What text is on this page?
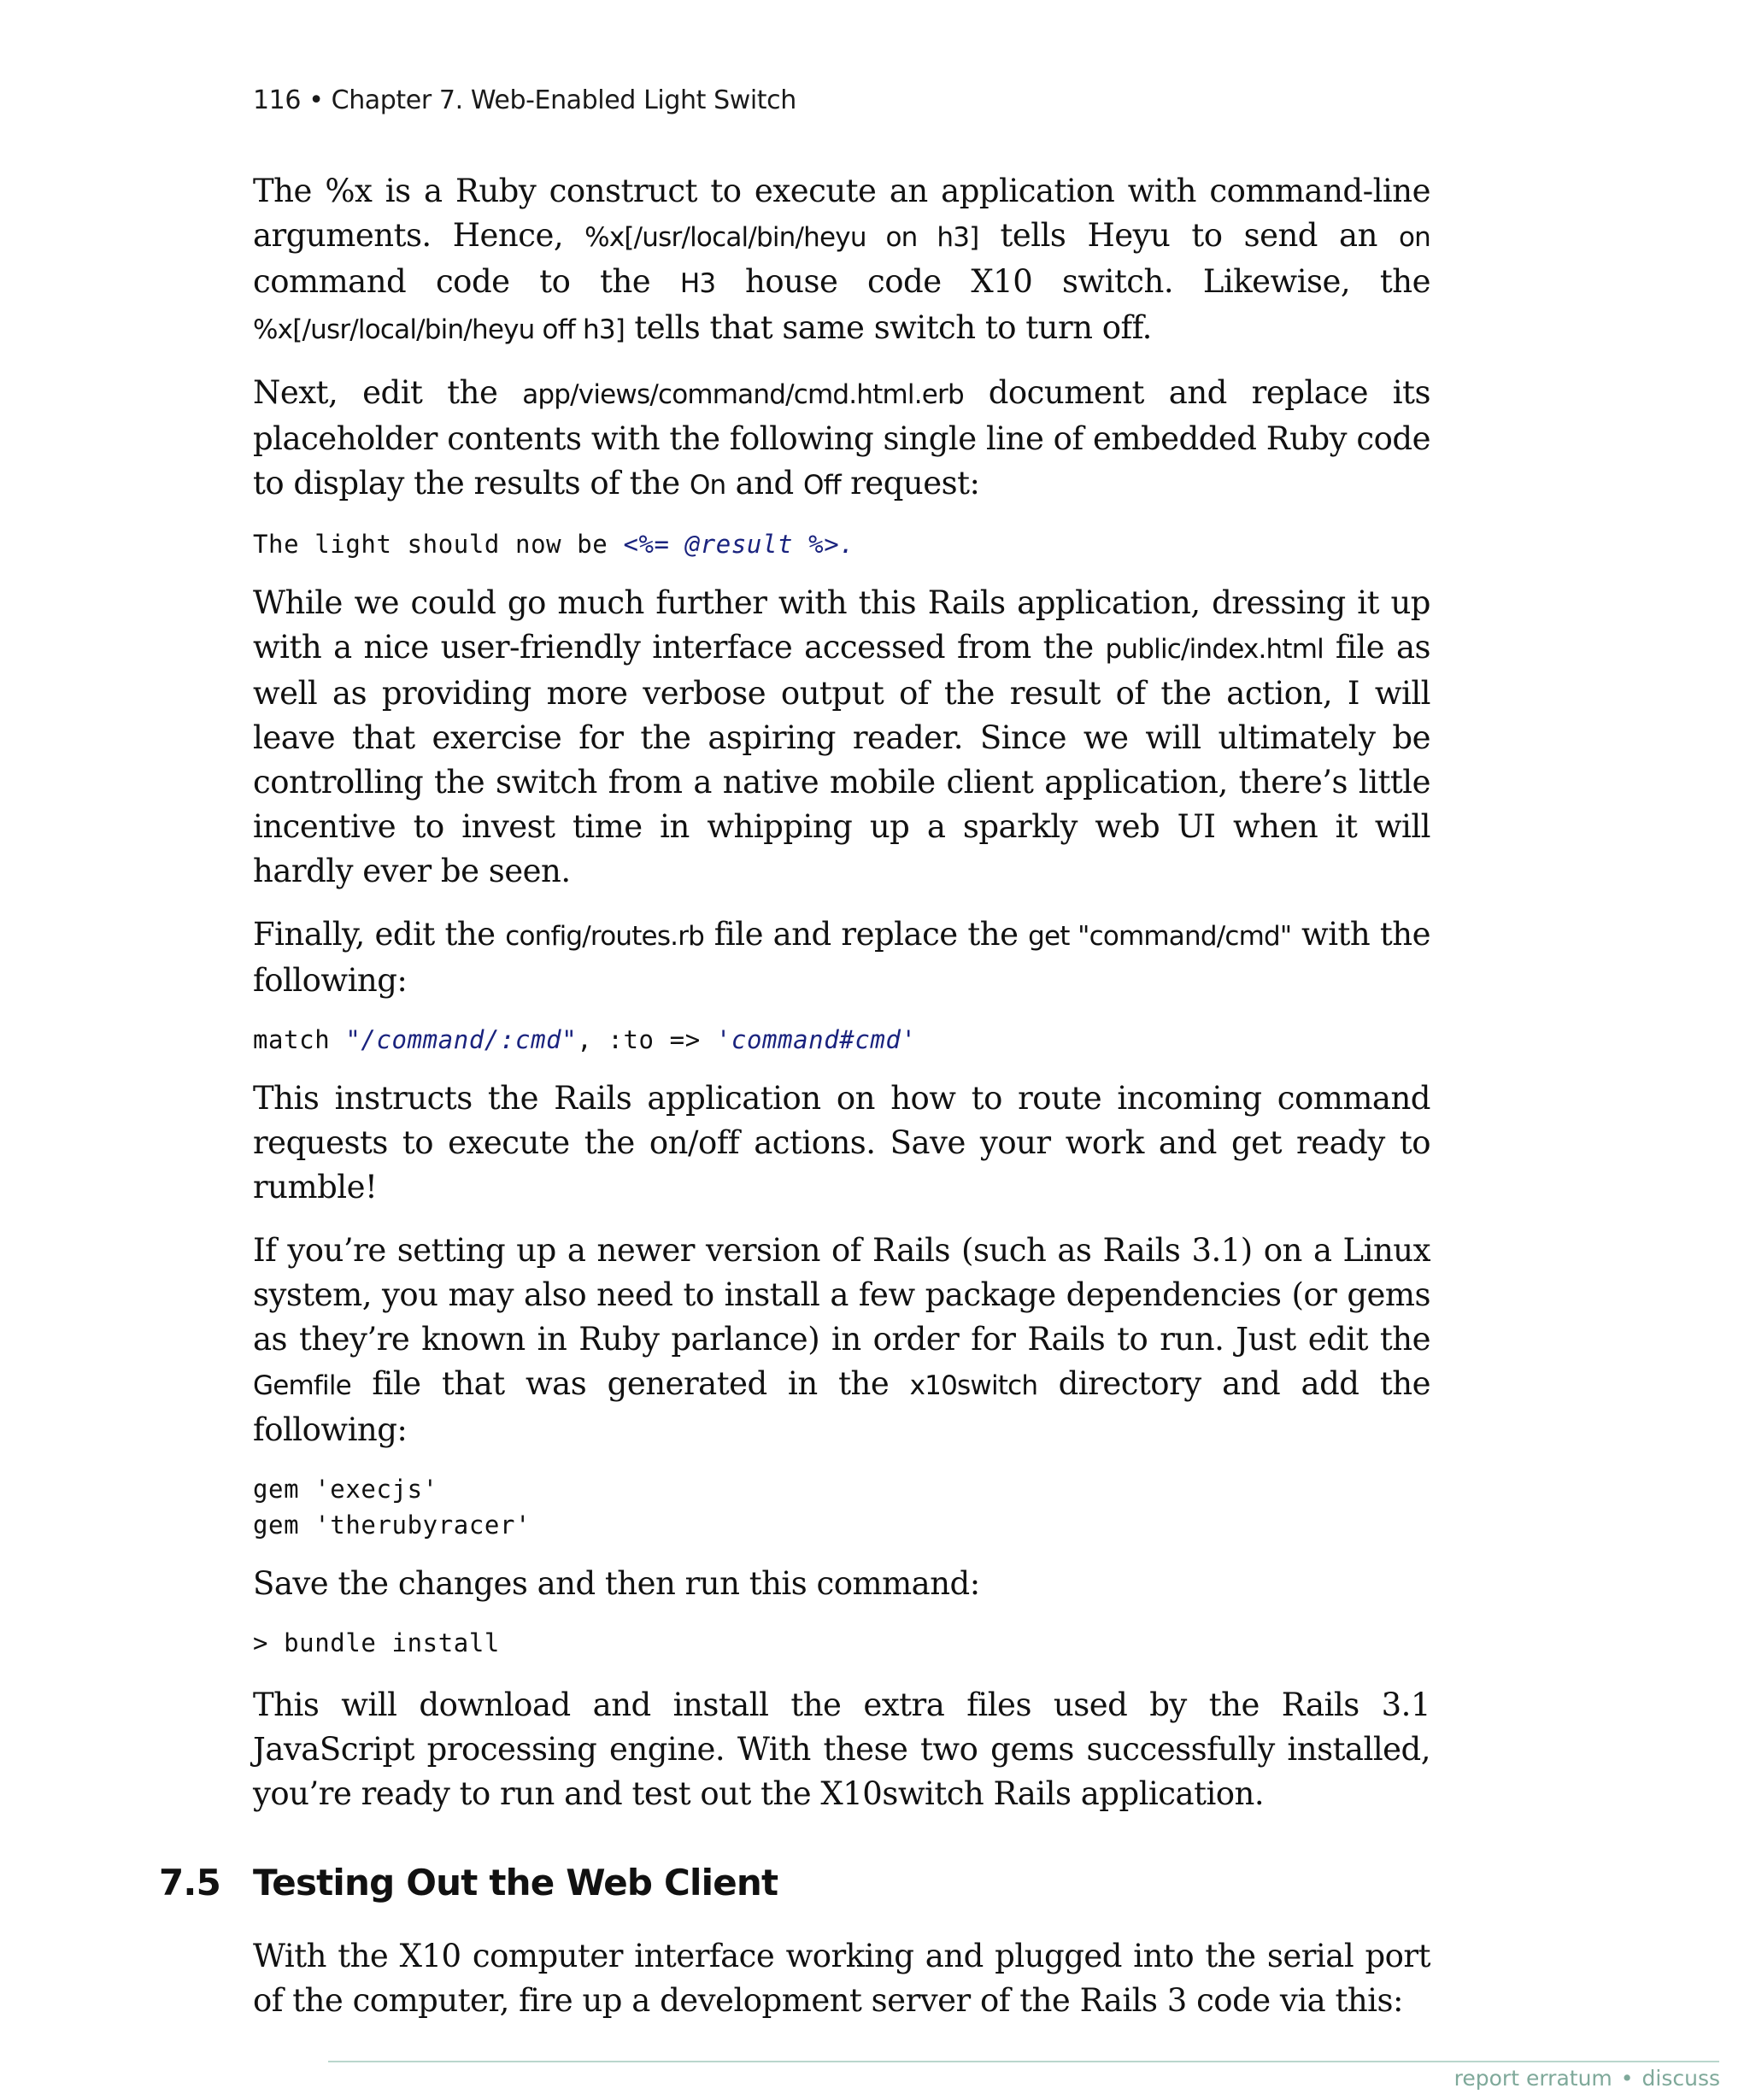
116 • Chapter 7. Web-Enabled Light Switch

The %x is a Ruby construct to execute an application with command-line arguments. Hence, %x[/usr/local/bin/heyu on h3] tells Heyu to send an on command code to the H3 house code X10 switch. Likewise, the %x[/usr/local/bin/heyu off h3] tells that same switch to turn off.

Next, edit the app/views/command/cmd.html.erb document and replace its placeholder contents with the following single line of embedded Ruby code to display the results of the On and Off request:

The light should now be <%= @result %>.

While we could go much further with this Rails application, dressing it up with a nice user-friendly interface accessed from the public/index.html file as well as providing more verbose output of the result of the action, I will leave that exercise for the aspiring reader. Since we will ultimately be controlling the switch from a native mobile client application, there’s little incentive to invest time in whipping up a sparkly web UI when it will hardly ever be seen.

Finally, edit the config/routes.rb file and replace the get "command/cmd" with the following:

match "/command/:cmd", :to => 'command#cmd'

This instructs the Rails application on how to route incoming command requests to execute the on/off actions. Save your work and get ready to rumble!

If you’re setting up a newer version of Rails (such as Rails 3.1) on a Linux system, you may also need to install a few package dependencies (or gems as they’re known in Ruby parlance) in order for Rails to run. Just edit the Gemfile file that was generated in the x10switch directory and add the following:

gem 'execjs'
gem 'therubyracer'

Save the changes and then run this command:

> bundle install

This will download and install the extra files used by the Rails 3.1 JavaScript processing engine. With these two gems successfully installed, you’re ready to run and test out the X10switch Rails application.

7.5 Testing Out the Web Client

With the X10 computer interface working and plugged into the serial port of the computer, fire up a development server of the Rails 3 code via this:

report erratum • discuss
